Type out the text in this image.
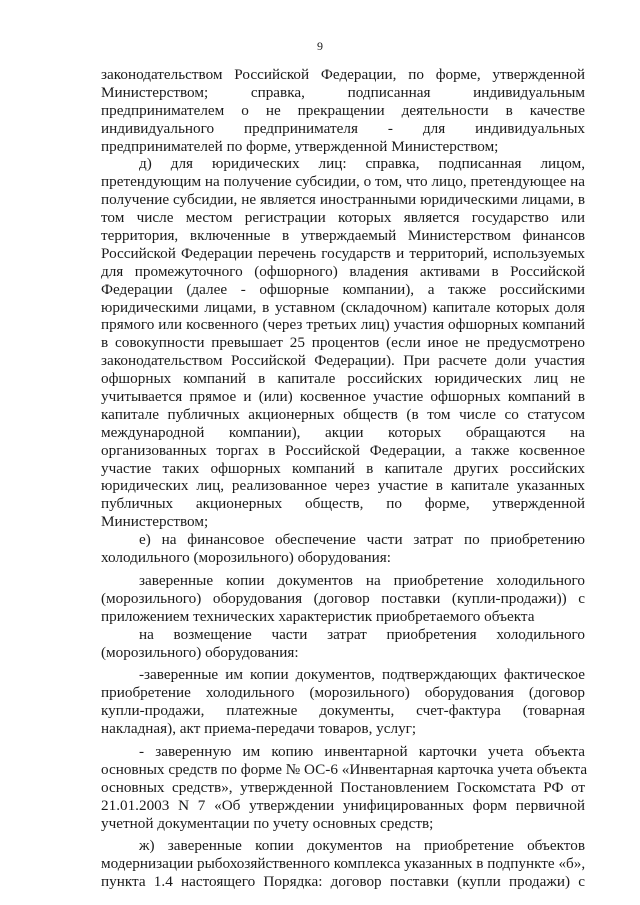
9
законодательством Российской Федерации, по форме, утвержденной
Министерством; справка, подписанная индивидуальным
предпринимателем о не прекращении деятельности в качестве
индивидуального предпринимателя - для индивидуальных
предпринимателей по форме, утвержденной Министерством;
д) для юридических лиц: справка, подписанная лицом,
претендующим на получение субсидии, о том, что лицо, претендующее на
получение субсидии, не является иностранными юридическими лицами, в
том числе местом регистрации которых является государство или
территория, включенные в утверждаемый Министерством финансов
Российской Федерации перечень государств и территорий, используемых
для промежуточного (офшорного) владения активами в Российской
Федерации (далее - офшорные компании), а также российскими
юридическими лицами, в уставном (складочном) капитале которых доля
прямого или косвенного (через третьих лиц) участия офшорных компаний
в совокупности превышает 25 процентов (если иное не предусмотрено
законодательством Российской Федерации). При расчете доли участия
офшорных компаний в капитале российских юридических лиц не
учитывается прямое и (или) косвенное участие офшорных компаний в
капитале публичных акционерных обществ (в том числе со статусом
международной компании), акции которых обращаются на
организованных торгах в Российской Федерации, а также косвенное
участие таких офшорных компаний в капитале других российских
юридических лиц, реализованное через участие в капитале указанных
публичных акционерных обществ, по форме, утвержденной
Министерством;
е) на финансовое обеспечение части затрат по приобретению
холодильного (морозильного) оборудования:
заверенные копии документов на приобретение холодильного
(морозильного) оборудования (договор поставки (купли-продажи)) с
приложением технических характеристик приобретаемого объекта
на возмещение части затрат приобретения холодильного
(морозильного) оборудования:
-заверенные им копии документов, подтверждающих фактическое
приобретение холодильного (морозильного) оборудования (договор
купли-продажи, платежные документы, счет-фактура (товарная
накладная), акт приема-передачи товаров, услуг;
- заверенную им копию инвентарной карточки учета объекта
основных средств по форме № ОС-6 «Инвентарная карточка учета объекта
основных средств», утвержденной Постановлением Госкомстата РФ от
21.01.2003 N 7 «Об утверждении унифицированных форм первичной
учетной документации по учету основных средств;
ж) заверенные копии документов на приобретение объектов
модернизации рыбохозяйственного комплекса указанных в подпункте «б»,
пункта 1.4 настоящего Порядка: договор поставки (купли продажи) с
